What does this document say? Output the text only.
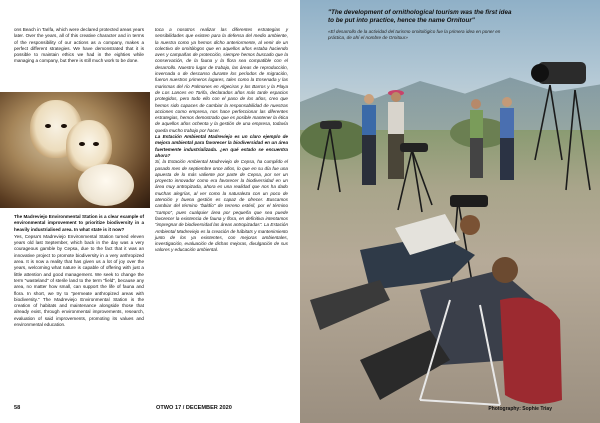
ons Beach in Tarifa, which were declared protected areas years later. Over the years, all of this creative character and in terms of the responsibility of our actions as a company, makes a perfect different strategies. We have demonstrated that it is possible to maintain ethics we had in the eighties while managing a company, but there is still much work to be done.

The Madreviejo Environmental Station is a clear example of environmental improvement to prioritize biodiversity in a heavily industrialised area. In what state is it now?

Yes, Cepsa's Madreviejo Environmental Station turned eleven years old last September, which back in the day was a very courageous gamble by Cepsa, due to the fact that it was an innovative project to promote biodiversity in a very anthropized area. It is now a reality that has given us a lot of joy over the years, welcoming what nature is capable of offering with just a little attention and good management. We seek to change the term "wasteland" of sterile land to the term "field", because any area, no matter how small, can support the life of fauna and flora. In short, we try to "permeate anthropized areas with biodiversity." The Madreviejo Environmental Station is the creation of habitats and maintenance alongside those that already exist, through environmental improvements, research, evaluation of said improvements, promoting its values and environmental education.

toca a nosotros realizar las diferentes estrategias y sensibilidades que existen para la defensa del medio ambiente, la nuestra como ya hemos dicho anteriormente, al venir de un colectivo de ornitólogos que en aquellos años estaba haciendo aves y campañas de protección, siempre hemos buscado que la conservación, de la fauna y la flora sea compatible con el desarrollo. Nuestro lugar de trabajo, las áreas de reproducción, invernada o de descanso durante los períodos de migración, fueron nuestros primeros lugares, tales como la Ensenada y las marismas del río Palmones en Algeciras y los Barros y la Playa de Los Lances en Tarifa, declarados años más tarde espacios protegidos, pero todo ello con el paso de los años, creo que hemos sido capaces de cambiar la responsabilidad de nuestras acciones como empresa, nos hace perfeccionar las diferentes estrategias, hemos demostrado que es posible mantener la ética de aquellos años ochenta y la gestión de una empresa, todavía queda mucho trabajo por hacer.

La Estación Ambiental Madreviejo es un claro ejemplo de mejora ambiental para favorecer la biodiversidad en un área fuertemente industrializada. ¿en qué estado se encuentra ahora?

Sí, la Estación Ambiental Madreviejo de Cepsa, ha cumplido el pasado mes de septiembre once años, lo que en su día fue una apuesta de lo más valiente por parte de Cepsa, por ser un proyecto innovador como era favorecer la biodiversidad en un área muy antropizada, ahora es una realidad que nos ha dado muchas alegrías, al ver como la naturaleza con un poco de atención y buena gestión es capaz de ofrecer. Buscamos cambiar del término "baldío" de terreno estéril, por el término "campo", pues cualquier área por pequeña que sea puede favorecer la existencia de fauna y flora, en definitiva intentamos "impregnar de biodiversidad las áreas antropizadas". La Estación Ambiental Madreviejo es la creación de hábitats y mantenimiento junto de los ya existentes, con mejoras ambientales, investigación, evaluación de dichas mejoras, divulgación de sus valores y educación ambiental.

58	OTWO 17 / DECEMBER 2020

"The development of ornithological tourism was the first idea to be put into practice, hence the name Ornitour"

«El desarrollo de la actividad del turismo ornitológico fue la primera idea en poner en práctica, de ahí el nombre de Ornitour»

Photography: Sophie Triay
